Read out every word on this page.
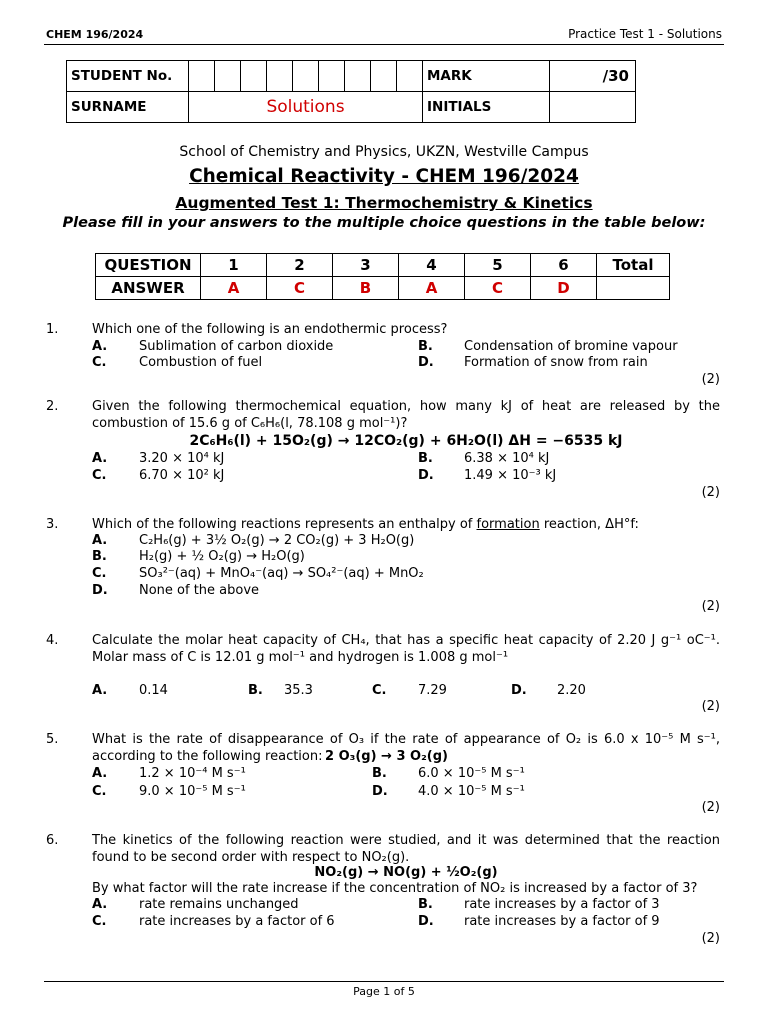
CHEM 196/2024	Practice Test 1 - Solutions
STUDENT No.										MARK	/30
SURNAME	Solutions									INITIALS	
School of Chemistry and Physics, UKZN, Westville Campus
Chemical Reactivity - CHEM 196/2024
Augmented Test 1: Thermochemistry & Kinetics
Please fill in your answers to the multiple choice questions in the table below:
QUESTION	1	2	3	4	5	6	Total
ANSWER	A	C	B	A	C	D	
1.	Which one of the following is an endothermic process?
A. Sublimation of carbon dioxide	B. Condensation of bromine vapour
C.	Combustion of fuel	D. Formation of snow from rain
(2)
2.	Given the following thermochemical equation, how many kJ of heat are released by the combustion of 15.6 g of C₆H₆(l, 78.108 g mol⁻¹)?
2C₆H₆(l) + 15O₂(g) → 12CO₂(g) + 6H₂O(l) ΔH = −6535 kJ
A. 3.20 × 10⁴ kJ	B. 6.38 × 10⁴ kJ
C.	6.70 × 10² kJ	D. 1.49 × 10⁻³ kJ
(2)
3.	Which of the following reactions represents an enthalpy of formation reaction, ΔH°f:
A. C₂H₆(g) + 3½ O₂(g) → 2 CO₂(g) + 3 H₂O(g)
B. H₂(g) + ½ O₂(g) → H₂O(g)
C.	SO₃²⁻(aq) + MnO₄⁻(aq) → SO₄²⁻(aq) + MnO₂
D. None of the above
(2)
4.	Calculate the molar heat capacity of CH₄, that has a specific heat capacity of 2.20 J g⁻¹ oC⁻¹. Molar mass of C is 12.01 g mol⁻¹ and hydrogen is 1.008 g mol⁻¹
A. 0.14	B. 35.3	C. 7.29	D. 2.20
(2)
5.	What is the rate of disappearance of O₃ if the rate of appearance of O₂ is 6.0 x 10⁻⁵ M s⁻¹, according to the following reaction: 2 O₃(g) → 3 O₂(g)
A. 1.2 × 10⁻⁴ M s⁻¹	B. 6.0 × 10⁻⁵ M s⁻¹
C.	9.0 × 10⁻⁵ M s⁻¹	D. 4.0 × 10⁻⁵ M s⁻¹
(2)
6.	The kinetics of the following reaction were studied, and it was determined that the reaction found to be second order with respect to NO₂(g).
NO₂(g) → NO(g) + ½O₂(g)
By what factor will the rate increase if the concentration of NO₂ is increased by a factor of 3?
A. rate remains unchanged	B. rate increases by a factor of 3
C.	rate increases by a factor of 6	D. rate increases by a factor of 9
(2)
Page 1 of 5
